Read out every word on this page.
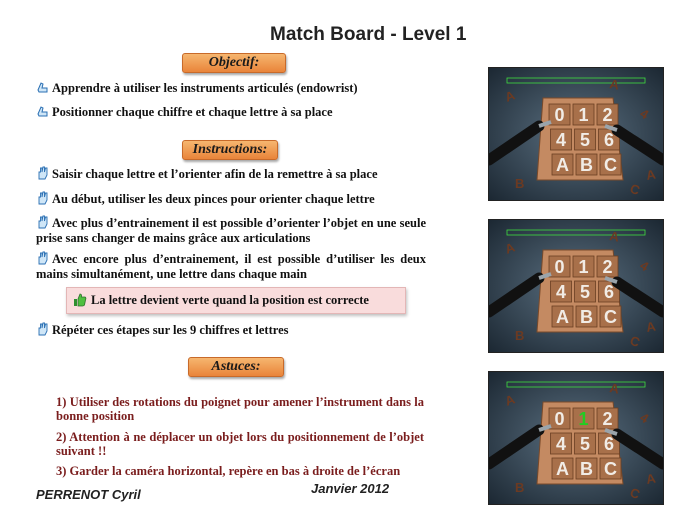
Match Board - Level 1
Objectif:
Apprendre à utiliser les instruments articulés (endowrist)
Positionner chaque chiffre et chaque lettre à sa place
Instructions:
Saisir chaque lettre et l’orienter afin de la remettre à sa place
Au début, utiliser les deux pinces pour orienter chaque lettre
Avec plus d’entrainement il est possible d’orienter l’objet en une seule prise sans changer de mains grâce aux articulations
Avec encore plus d’entrainement, il est possible d’utiliser les deux mains simultanément, une lettre dans chaque main
La lettre devient verte quand la position est correcte
Répéter ces étapes sur les 9 chiffres et lettres
Astuces:
1) Utiliser des rotations du poignet pour amener l’instrument dans la bonne position
2) Attention à ne déplacer un objet lors du positionnement de l’objet suivant !!
3) Garder la caméra horizontal, repère en bas à droite de l’écran
PERRENOT Cyril	Janvier 2012
A
A
4
B
A
C
0 1 2
4 5 6
A B C
A
A
4
B
A
C
0 1 2
4 5 6
A B C
A
A
4
B
A
C
0 1 2
4 5 6
A B C
